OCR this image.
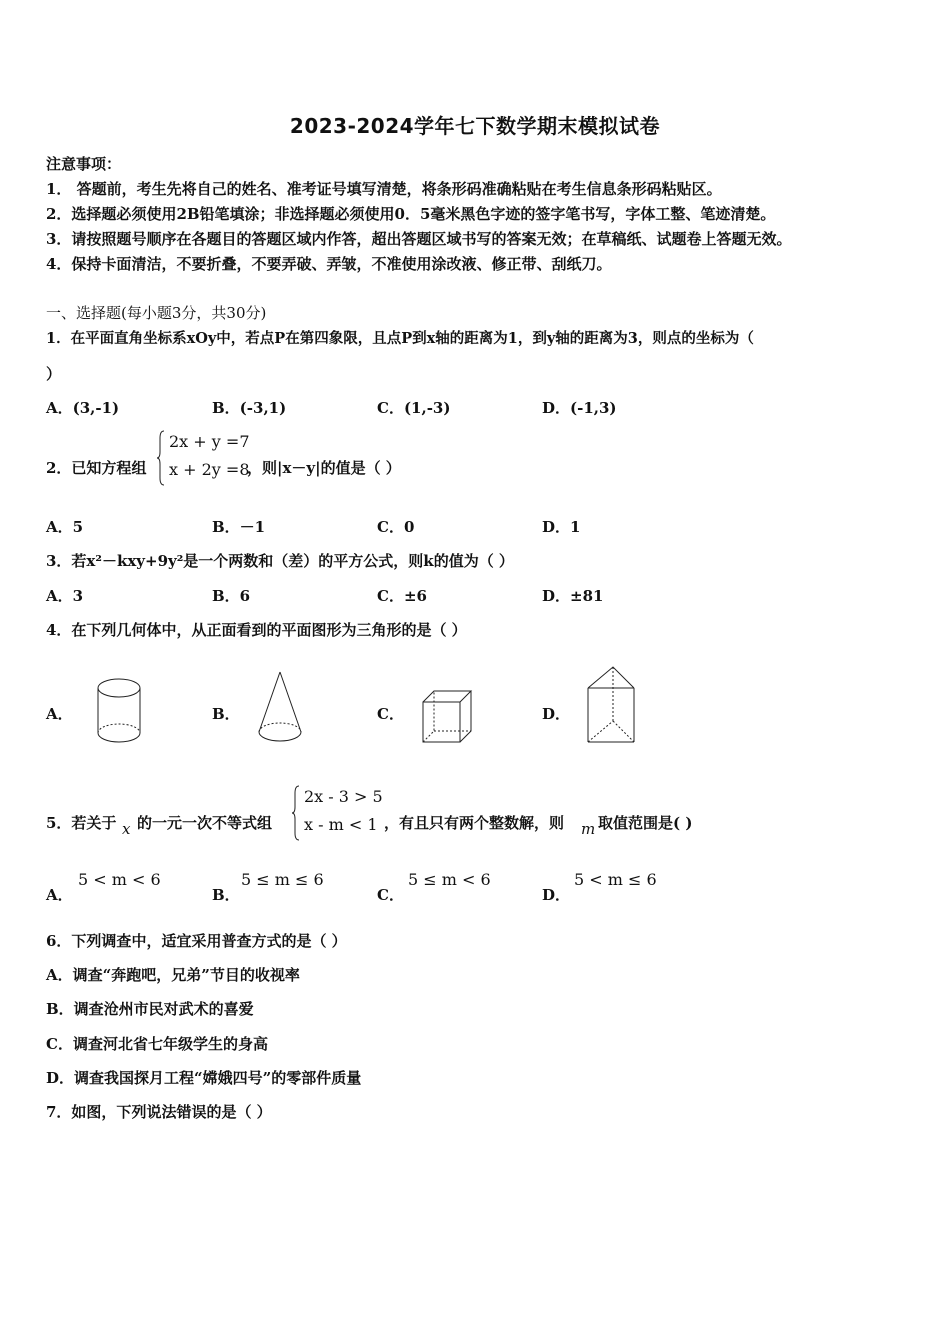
2023-2024学年七下数学期末模拟试卷
注意事项：
1． 答题前，考生先将自己的姓名、准考证号填写清楚，将条形码准确粘贴在考生信息条形码粘贴区。
2．选择题必须使用2B铅笔填涂；非选择题必须使用0．5毫米黑色字迹的签字笔书写，字体工整、笔迹清楚。
3．请按照题号顺序在各题目的答题区域内作答，超出答题区域书写的答案无效；在草稿纸、试题卷上答题无效。
4．保持卡面清洁，不要折叠，不要弄破、弄皱，不准使用涂改液、修正带、刮纸刀。
一、选择题(每小题3分，共30分)
1．在平面直角坐标系xOy中，若点P在第四象限，且点P到x轴的距离为1，到y轴的距离为3，则点的坐标为（
）
A．(3,-1)	B．(-3,1)	C．(1,-3)	D．(-1,3)
2．已知方程组
2x + y =7
x + 2y =8
，则|x－y|的值是（ ）
A．5	B．－1	C．0	D．1
3．若x²－kxy+9y²是一个两数和（差）的平方公式，则k的值为（ ）
A．3	B．6	C．±6	D．±81
4．在下列几何体中，从正面看到的平面图形为三角形的是（ ）
A．	B．	C．	D．
5．若关于 x 的一元一次不等式组
2x - 3 > 5
x - m < 1 ，有且只有两个整数解，则 m 取值范围是( )
A．
5 < m < 6
B．
5 ≤ m ≤ 6
C．
5 ≤ m < 6
D．
5 < m ≤ 6
6．下列调查中，适宜采用普查方式的是（ ）
A．调查“奔跑吧，兄弟”节目的收视率
B．调查沧州市民对武术的喜爱
C．调查河北省七年级学生的身高
D．调查我国探月工程“嫦娥四号”的零部件质量
7．如图，下列说法错误的是（ ）
